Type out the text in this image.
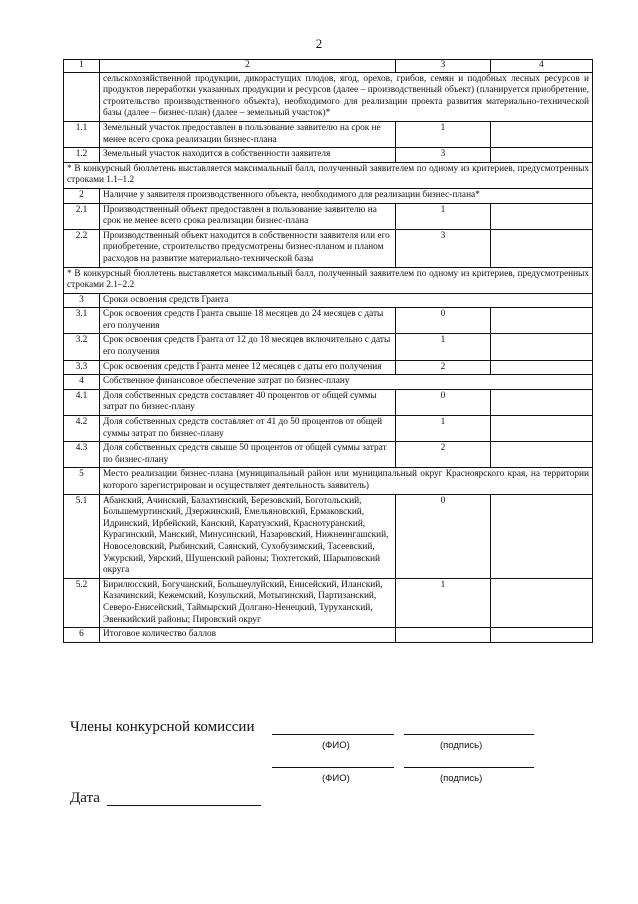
2
1	2	3	4
	сельскохозяйственной продукции, дикорастущих плодов, ягод, орехов, грибов, семян и подобных лесных ресурсов и продуктов переработки указанных продукции и ресурсов (далее – производственный объект) (планируется приобретение, строительство производственного объекта), необходимого для реализации проекта развития материально-технической базы (далее – бизнес-план) (далее – земельный участок)*		
1.1	Земельный участок предоставлен в пользование заявителю на срок не менее всего срока реализации бизнес-плана	1	
1.2	Земельный участок находится в собственности заявителя	3	
* В конкурсный бюллетень выставляется максимальный балл, полученный заявителем по одному из критериев, предусмотренных строками 1.1–1.2			
2	Наличие у заявителя производственного объекта, необходимого для реализации бизнес-плана*		
2.1	Производственный объект предоставлен в пользование заявителю на срок не менее всего срока реализации бизнес-плана	1	
2.2	Производственный объект находится в собственности заявителя или его приобретение, строительство предусмотрены бизнес-планом и планом расходов на развитие материально-технической базы	3	
* В конкурсный бюллетень выставляется максимальный балл, полученный заявителем по одному из критериев, предусмотренных строками 2.1–2.2			
3	Сроки освоения средств Гранта		
3.1	Срок освоения средств Гранта свыше 18 месяцев до 24 месяцев с даты его получения	0	
3.2	Срок освоения средств Гранта от 12 до 18 месяцев включительно с даты его получения	1	
3.3	Срок освоения средств Гранта менее 12 месяцев с даты его получения	2	
4	Собственное финансовое обеспечение затрат по бизнес-плану		
4.1	Доля собственных средств составляет 40 процентов от общей суммы затрат по бизнес-плану	0	
4.2	Доля собственных средств составляет от 41 до 50 процентов от общей суммы затрат по бизнес-плану	1	
4.3	Доля собственных средств свыше 50 процентов от общей суммы затрат по бизнес-плану	2	
5	Место реализации бизнес-плана (муниципальный район или муниципальный округ Красноярского края, на территории которого зарегистрирован и осуществляет деятельность заявитель)		
5.1	Абанский, Ачинский, Балахтинский, Березовский, Боготольский, Большемуртинский, Дзержинский, Емельяновский, Ермаковский, Идринский, Ирбейский, Канский, Каратузский, Краснотуранский, Курагинский, Манский, Минусинский, Назаровский, Нижнеингашский, Новоселовский, Рыбинский, Саянский, Сухобузимский, Тасеевский, Ужурский, Уярский, Шушенский районы; Тюхтетский, Шарыповский округа	0	
5.2	Бирилюсский, Богучанский, Большеулуйский, Енисейский, Иланский, Казачинский, Кежемский, Козульский, Мотыгинский, Партизанский, Северо-Енисейский, Таймырский Долгано-Ненецкий, Туруханский, Эвенкийский районы; Пировский округ	1	
6	Итоговое количество баллов		
Члены конкурсной комиссии
(ФИО)	(подпись)
(ФИО)	(подпись)
Дата
